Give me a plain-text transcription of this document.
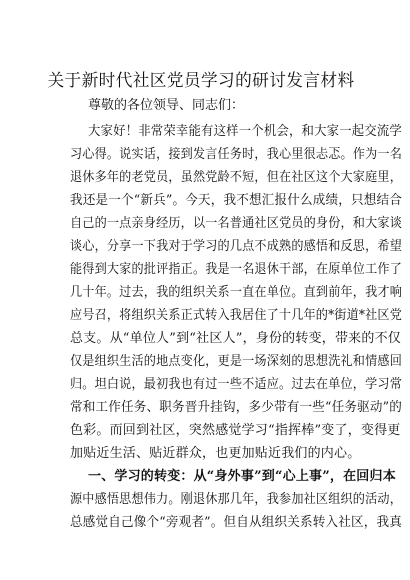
关于新时代社区党员学习的研讨发言材料
尊敬的各位领导、同志们：
大家好！非常荣幸能有这样一个机会，和大家一起交流学
习心得。说实话，接到发言任务时，我心里很忐忑。作为一名
退休多年的老党员，虽然党龄不短，但在社区这个大家庭里，
我还是一个“新兵”。今天，我不想汇报什么成绩，只想结合
自己的一点亲身经历，以一名普通社区党员的身份，和大家谈
谈心，分享一下我对于学习的几点不成熟的感悟和反思，希望
能得到大家的批评指正。我是一名退休干部，在原单位工作了
几十年。过去，我的组织关系一直在单位。直到前年，我才响
应号召，将组织关系正式转入我居住了十几年的*街道*社区党
总支。从“单位人”到“社区人”，身份的转变，带来的不仅
仅是组织生活的地点变化，更是一场深刻的思想洗礼和情感回
归。坦白说，最初我也有过一些不适应。过去在单位，学习常
常和工作任务、职务晋升挂钩，多少带有一些“任务驱动”的
色彩。而回到社区，突然感觉学习“指挥棒”变了，变得更
加贴近生活、贴近群众，也更加贴近我们的内心。
一、学习的转变：从“身外事”到“心上事”，在回归本
源中感悟思想伟力。刚退休那几年，我参加社区组织的活动，
总感觉自己像个“旁观者”。但自从组织关系转入社区，我真
